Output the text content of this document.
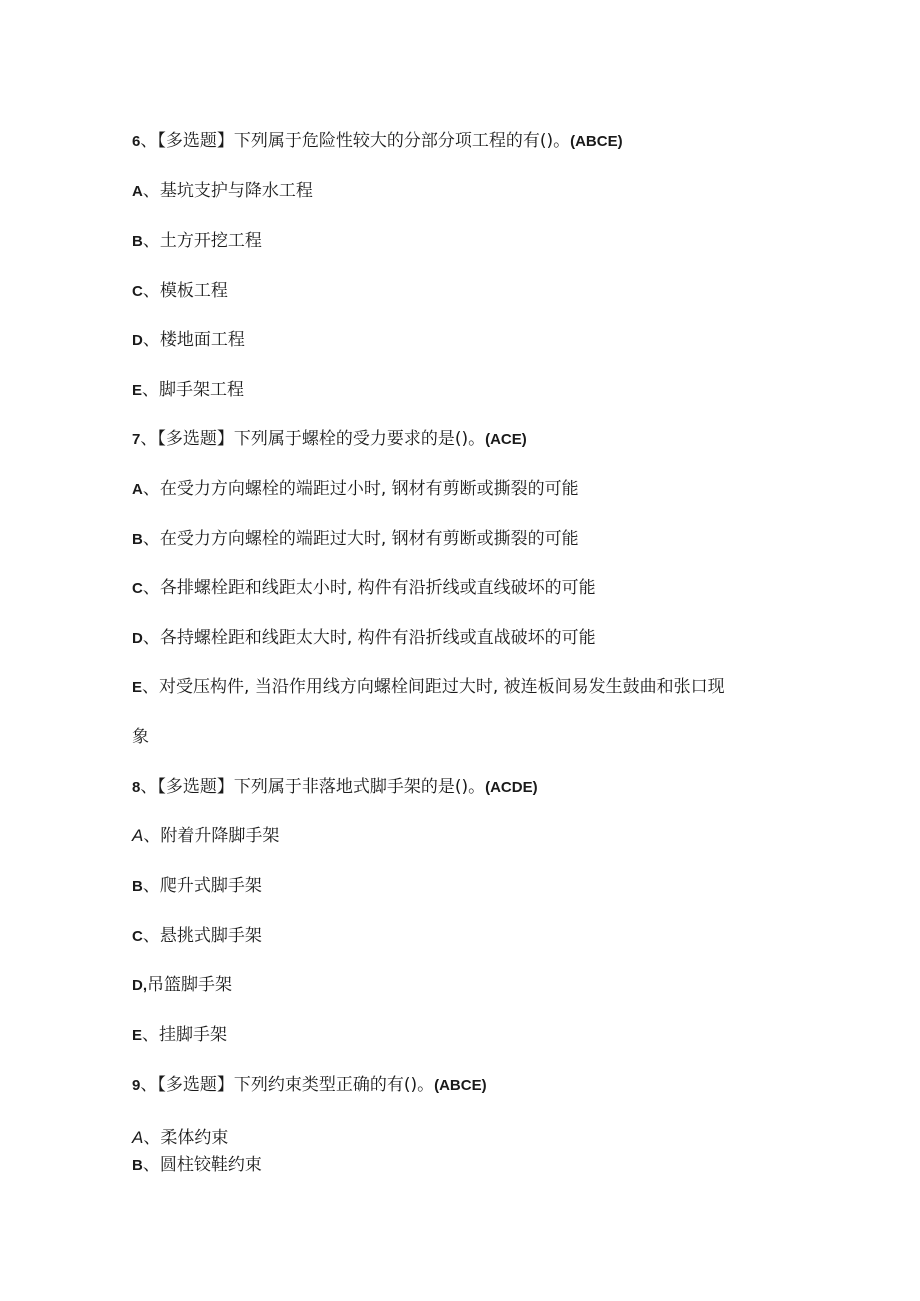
6、【多选题】下列属于危险性较大的分部分项工程的有()。(ABCE)
A、基坑支护与降水工程
B、土方开挖工程
C、模板工程
D、楼地面工程
E、脚手架工程
7、【多选题】下列属于螺栓的受力要求的是()。(ACE)
A、在受力方向螺栓的端距过小时, 钢材有剪断或撕裂的可能
B、在受力方向螺栓的端距过大时, 钢材有剪断或撕裂的可能
C、各排螺栓距和线距太小时, 构件有沿折线或直线破坏的可能
D、各持螺栓距和线距太大时, 构件有沿折线或直战破坏的可能
E、对受压构件, 当沿作用线方向螺栓间距过大时, 被连板间易发生鼓曲和张口现
象
8、【多选题】下列属于非落地式脚手架的是()。(ACDE)
A、附着升降脚手架
B、爬升式脚手架
C、悬挑式脚手架
D,吊篮脚手架
E、挂脚手架
9、【多选题】下列约束类型正确的有()。(ABCE)
A、柔体约束
B、圆柱铰鞋约束
